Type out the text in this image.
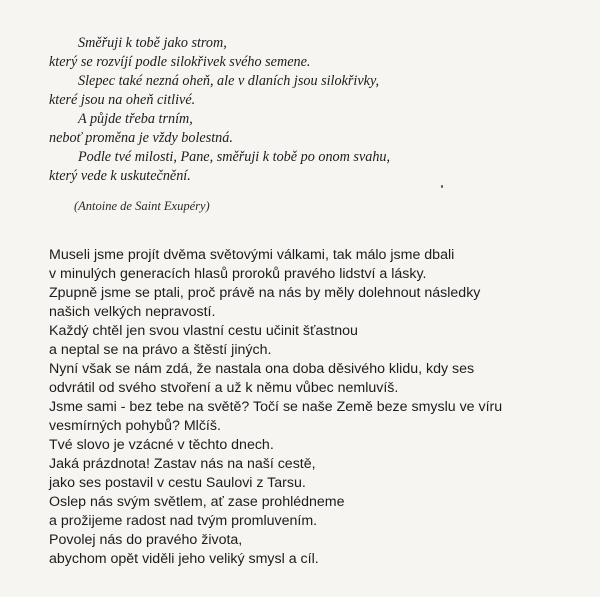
Směřuji k tobě jako strom,
který se rozvíjí podle silokřivek svého semene.
Slepec také nezná oheň, ale v dlaních jsou silokřivky,
které jsou na oheň citlivé.
A půjde třeba trním,
neboť proměna je vždy bolestná.
Podle tvé milosti, Pane, směřuji k tobě po onom svahu,
který vede k uskutečnění.
(Antoine de Saint Exupéry)
Museli jsme projít dvěma světovými válkami, tak málo jsme dbali
v minulých generacích hlasů proroků pravého lidství a lásky.
Zpupně jsme se ptali, proč právě na nás by měly dolehnout následky
našich velkých nepravostí.
Každý chtěl jen svou vlastní cestu učinit šťastnou
a neptal se na právo a štěstí jiných.
Nyní však se nám zdá, že nastala ona doba děsivého klidu, kdy ses
odvrátil od svého stvoření a už k němu vůbec nemluvíš.
Jsme sami - bez tebe na světě? Točí se naše Země beze smyslu ve víru
vesmírných pohybů? Mlčíš.
Tvé slovo je vzácné v těchto dnech.
Jaká prázdnota! Zastav nás na naší cestě,
jako ses postavil v cestu Saulovi z Tarsu.
Oslep nás svým světlem, ať zase prohlédneme
a prožijeme radost nad tvým promluvením.
Povolej nás do pravého života,
abychom opět viděli jeho veliký smysl a cíl.
